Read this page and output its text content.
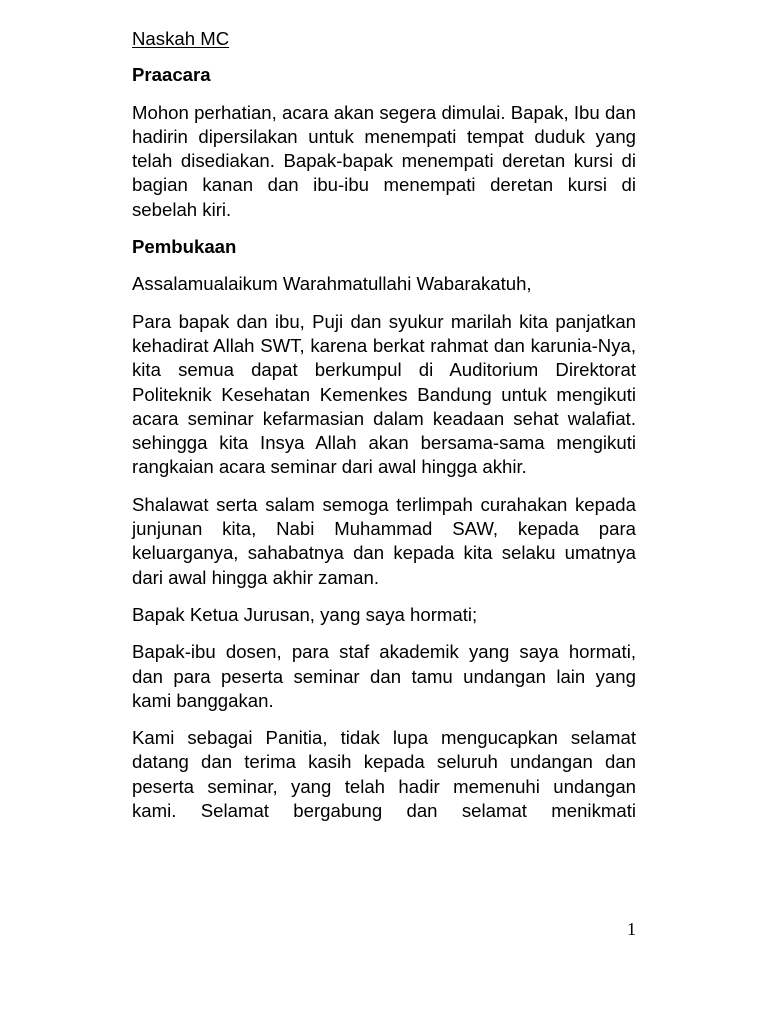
Naskah MC
Praacara

Mohon perhatian, acara akan segera dimulai. Bapak, Ibu dan hadirin dipersilakan untuk menempati tempat duduk yang telah disediakan. Bapak-bapak menempati deretan kursi di bagian kanan dan ibu-ibu menempati deretan kursi di sebelah kiri.

Pembukaan

Assalamualaikum Warahmatullahi Wabarakatuh,

Para bapak dan ibu, Puji dan syukur marilah kita panjatkan kehadirat Allah SWT, karena berkat rahmat dan karunia-Nya, kita semua dapat berkumpul di Auditorium Direktorat Politeknik Kesehatan Kemenkes Bandung untuk mengikuti acara seminar kefarmasian dalam keadaan sehat walafiat. sehingga kita Insya Allah akan bersama-sama mengikuti rangkaian acara seminar dari awal hingga akhir.

Shalawat serta salam semoga terlimpah curahakan kepada junjunan kita, Nabi Muhammad SAW, kepada para keluarganya, sahabatnya dan kepada kita selaku umatnya dari awal hingga akhir zaman.

Bapak Ketua Jurusan, yang saya hormati;

Bapak-ibu dosen, para staf akademik yang saya hormati, dan para peserta seminar dan tamu undangan lain yang kami banggakan.

Kami sebagai Panitia, tidak lupa mengucapkan selamat datang dan terima kasih kepada seluruh undangan dan peserta seminar, yang telah hadir memenuhi undangan kami. Selamat bergabung dan selamat menikmati

1
